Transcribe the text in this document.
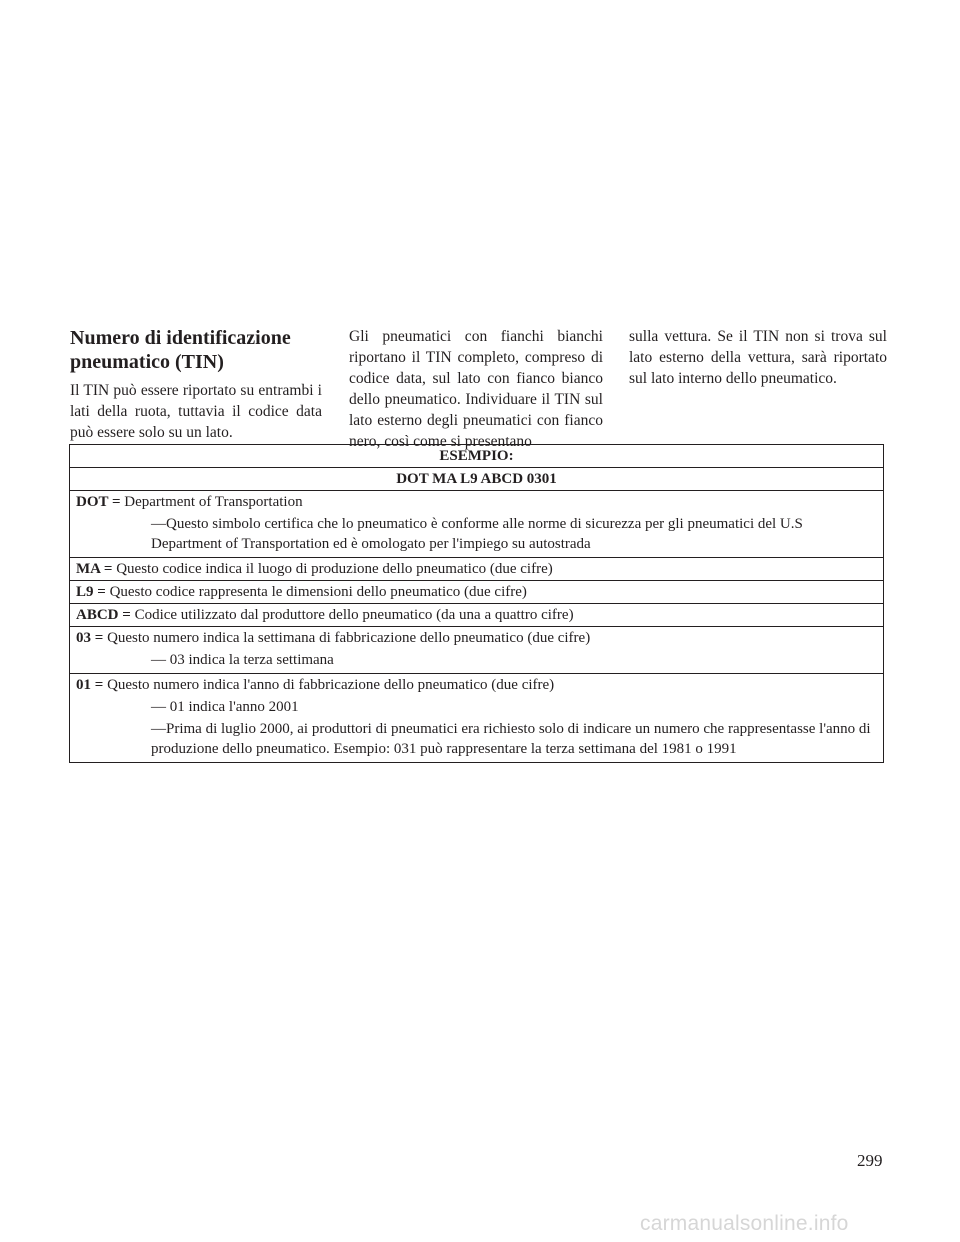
Numero di identificazione pneumatico (TIN)

Il TIN può essere riportato su entrambi i lati della ruota, tuttavia il codice data può essere solo su un lato.

Gli pneumatici con fianchi bianchi riportano il TIN completo, compreso di codice data, sul lato con fianco bianco dello pneumatico. Individuare il TIN sul lato esterno degli pneumatici con fianco nero, così come si presentano

sulla vettura. Se il TIN non si trova sul lato esterno della vettura, sarà riportato sul lato interno dello pneumatico.

ESEMPIO:
DOT MA L9 ABCD 0301
DOT = Department of Transportation
—Questo simbolo certifica che lo pneumatico è conforme alle norme di sicurezza per gli pneumatici del U.S Department of Transportation ed è omologato per l'impiego su autostrada

MA = Questo codice indica il luogo di produzione dello pneumatico (due cifre)
L9 = Questo codice rappresenta le dimensioni dello pneumatico (due cifre)
ABCD = Codice utilizzato dal produttore dello pneumatico (da una a quattro cifre)
03 = Questo numero indica la settimana di fabbricazione dello pneumatico (due cifre)
— 03 indica la terza settimana

01 = Questo numero indica l'anno di fabbricazione dello pneumatico (due cifre)
— 01 indica l'anno 2001
—Prima di luglio 2000, ai produttori di pneumatici era richiesto solo di indicare un numero che rappresentasse l'anno di produzione dello pneumatico. Esempio: 031 può rappresentare la terza settimana del 1981 o 1991
299
carmanualsonline.info
